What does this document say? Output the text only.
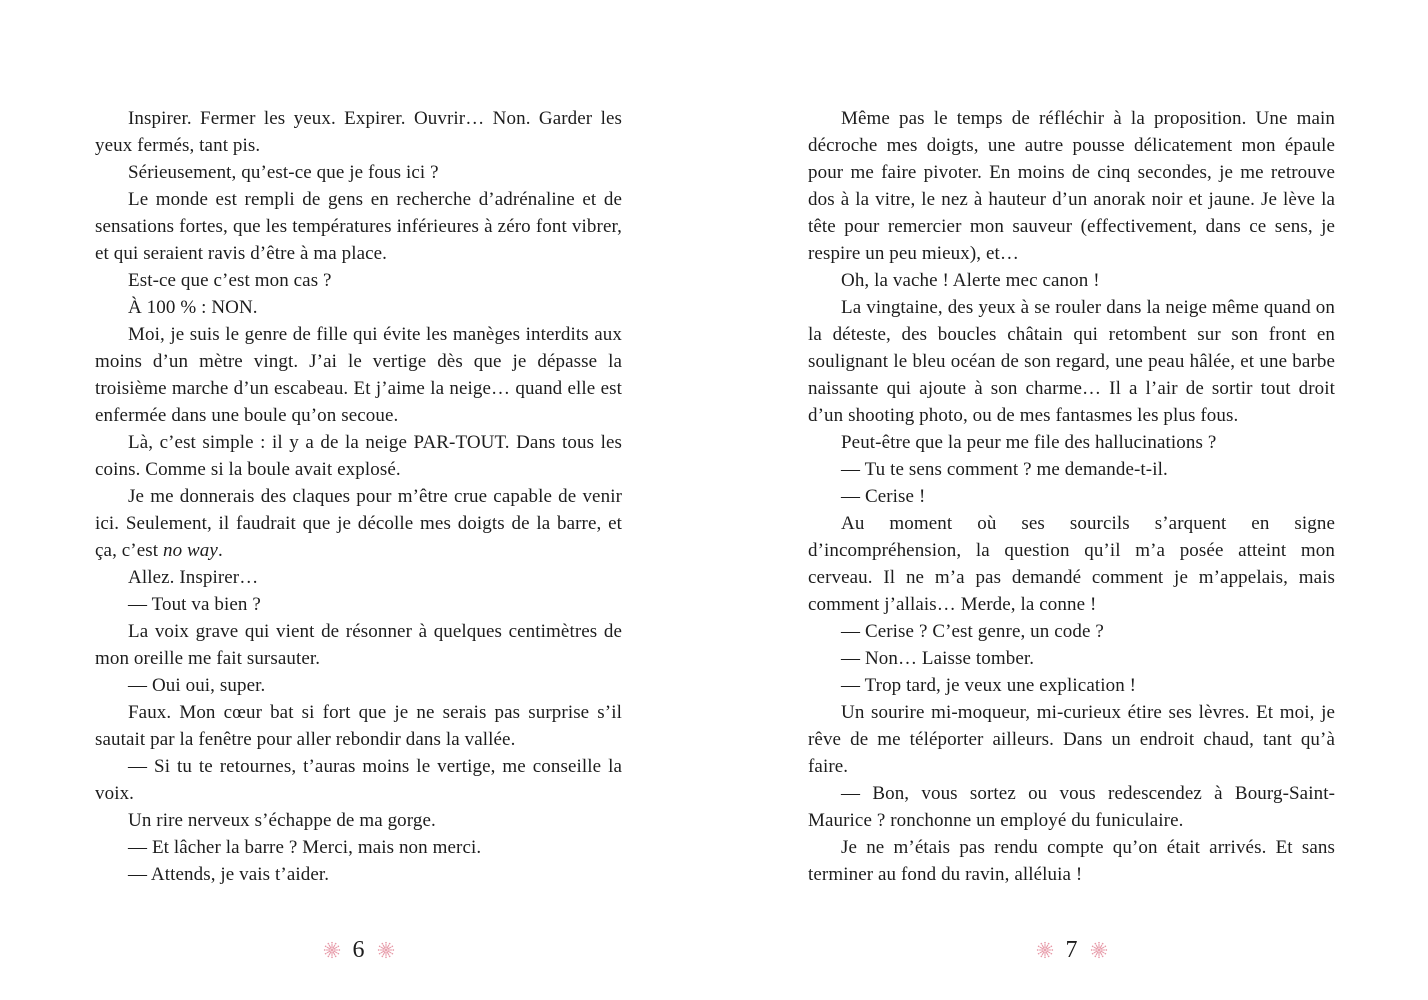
Inspirer. Fermer les yeux. Expirer. Ouvrir… Non. Garder les yeux fermés, tant pis.

Sérieusement, qu’est-ce que je fous ici ?

Le monde est rempli de gens en recherche d’adrénaline et de sensations fortes, que les températures inférieures à zéro font vibrer, et qui seraient ravis d’être à ma place.

Est-ce que c’est mon cas ?

À 100 % : NON.

Moi, je suis le genre de fille qui évite les manèges interdits aux moins d’un mètre vingt. J’ai le vertige dès que je dépasse la troisième marche d’un escabeau. Et j’aime la neige… quand elle est enfermée dans une boule qu’on secoue.

Là, c’est simple : il y a de la neige PAR-TOUT. Dans tous les coins. Comme si la boule avait explosé.

Je me donnerais des claques pour m’être crue capable de venir ici. Seulement, il faudrait que je décolle mes doigts de la barre, et ça, c’est no way.

Allez. Inspirer…

— Tout va bien ?

La voix grave qui vient de résonner à quelques centimètres de mon oreille me fait sursauter.

— Oui oui, super.

Faux. Mon cœur bat si fort que je ne serais pas surprise s’il sautait par la fenêtre pour aller rebondir dans la vallée.

— Si tu te retournes, t’auras moins le vertige, me conseille la voix.

Un rire nerveux s’échappe de ma gorge.

— Et lâcher la barre ? Merci, mais non merci.

— Attends, je vais t’aider.

6

Même pas le temps de réfléchir à la proposition. Une main décroche mes doigts, une autre pousse délicatement mon épaule pour me faire pivoter. En moins de cinq secondes, je me retrouve dos à la vitre, le nez à hauteur d’un anorak noir et jaune. Je lève la tête pour remercier mon sauveur (effectivement, dans ce sens, je respire un peu mieux), et…

Oh, la vache ! Alerte mec canon !

La vingtaine, des yeux à se rouler dans la neige même quand on la déteste, des boucles châtain qui retombent sur son front en soulignant le bleu océan de son regard, une peau hâlée, et une barbe naissante qui ajoute à son charme… Il a l’air de sortir tout droit d’un shooting photo, ou de mes fantasmes les plus fous.

Peut-être que la peur me file des hallucinations ?

— Tu te sens comment ? me demande-t-il.

— Cerise !

Au moment où ses sourcils s’arquent en signe d’incompréhension, la question qu’il m’a posée atteint mon cerveau. Il ne m’a pas demandé comment je m’appelais, mais comment j’allais… Merde, la conne !

— Cerise ? C’est genre, un code ?

— Non… Laisse tomber.

— Trop tard, je veux une explication !

Un sourire mi-moqueur, mi-curieux étire ses lèvres. Et moi, je rêve de me téléporter ailleurs. Dans un endroit chaud, tant qu’à faire.

— Bon, vous sortez ou vous redescendez à Bourg-Saint-Maurice ? ronchonne un employé du funiculaire.

Je ne m’étais pas rendu compte qu’on était arrivés. Et sans terminer au fond du ravin, alléluia !

7
